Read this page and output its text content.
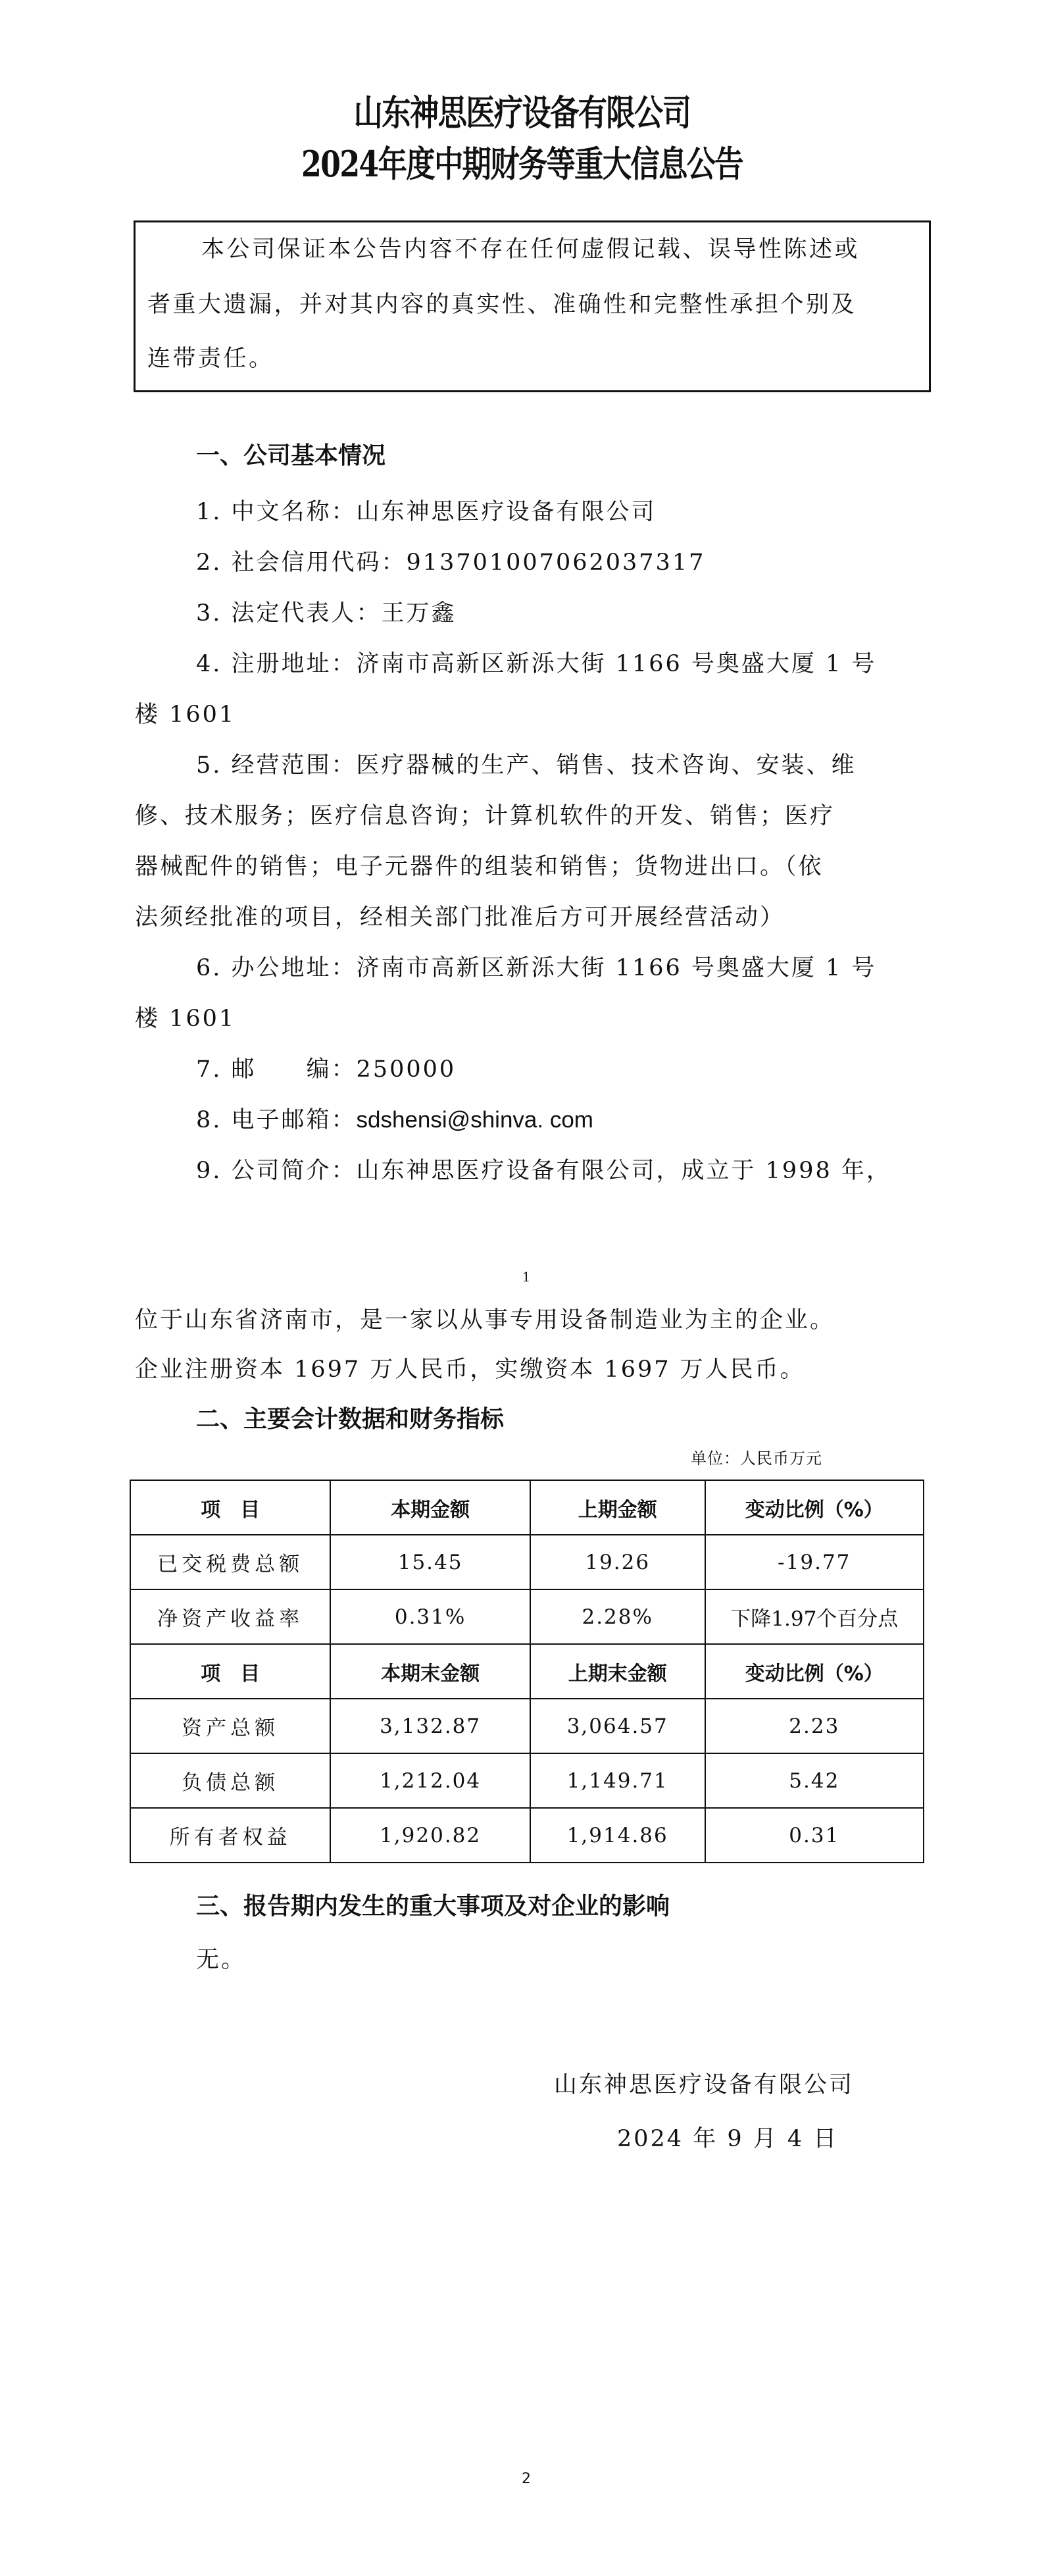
山东神思医疗设备有限公司
2024年度中期财务等重大信息公告
本公司保证本公告内容不存在任何虚假记载、误导性陈述或
者重大遗漏，并对其内容的真实性、准确性和完整性承担个别及
连带责任。
一、公司基本情况
1. 中文名称：山东神思医疗设备有限公司
2. 社会信用代码：913701007062037317
3. 法定代表人：王万鑫
4. 注册地址：济南市高新区新泺大街 1166 号奥盛大厦 1 号
楼 1601
5. 经营范围：医疗器械的生产、销售、技术咨询、安装、维
修、技术服务；医疗信息咨询；计算机软件的开发、销售；医疗
器械配件的销售；电子元器件的组装和销售；货物进出口。（依
法须经批准的项目，经相关部门批准后方可开展经营活动）
6. 办公地址：济南市高新区新泺大街 1166 号奥盛大厦 1 号
楼 1601
7. 邮　　编：250000
8. 电子邮箱：sdshensi@shinva. com
9. 公司简介：山东神思医疗设备有限公司，成立于 1998 年，
1
位于山东省济南市，是一家以从事专用设备制造业为主的企业。
企业注册资本 1697 万人民币，实缴资本 1697 万人民币。
二、主要会计数据和财务指标
单位：人民币万元
项　目	本期金额	上期金额	变动比例（%）
已交税费总额	15.45	19.26	-19.77
净资产收益率	0.31%	2.28%	下降1.97个百分点
项　目	本期末金额	上期末金额	变动比例（%）
资产总额	3,132.87	3,064.57	2.23
负债总额	1,212.04	1,149.71	5.42
所有者权益	1,920.82	1,914.86	0.31
三、报告期内发生的重大事项及对企业的影响
无。
山东神思医疗设备有限公司
2024 年 9 月 4 日
2
